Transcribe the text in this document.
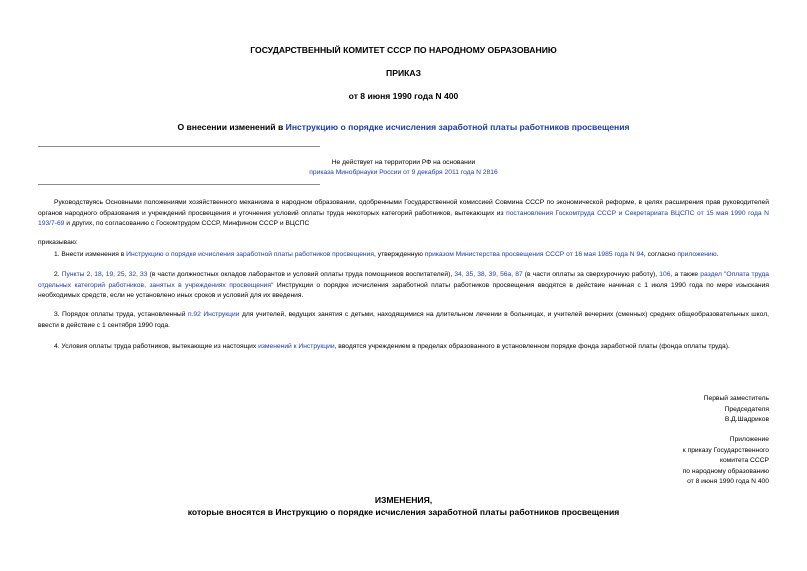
ГОСУДАРСТВЕННЫЙ КОМИТЕТ СССР ПО НАРОДНОМУ ОБРАЗОВАНИЮ
ПРИКАЗ
от 8 июня 1990 года N 400
О внесении изменений в Инструкцию о порядке исчисления заработной платы работников просвещения
Не действует на территории РФ на основании
приказа Минобрнауки России от 9 декабря 2011 года N 2816
Руководствуясь Основными положениями хозяйственного механизма в народном образовании, одобренными Государственной комиссией Совмина СССР по экономической реформе, в целях расширения прав руководителей органов народного образования и учреждений просвещения и уточнения условий оплаты труда некоторых категорий работников, вытекающих из постановления Госкомтруда СССР и Секретариата ВЦСПС от 15 мая 1990 года N 193/7-69 и других, по согласованию с Госкомтрудом СССР, Минфином СССР и ВЦСПС
приказываю:
1. Внести изменения в Инструкцию о порядке исчисления заработной платы работников просвещения, утвержденную приказом Министерства просвещения СССР от 16 мая 1985 года N 94, согласно приложению.
2. Пункты 2, 18, 19, 25, 32, 33 (в части должностных окладов лаборантов и условий оплаты труда помощников воспитателей), 34, 35, 38, 39, 56а, 87 (в части оплаты за сверхурочную работу), 106, а также раздел "Оплата труда отдельных категорий работников, занятых в учреждениях просвещения" Инструкции о порядке исчисления заработной платы работников просвещения вводятся в действие начиная с 1 июля 1990 года по мере изыскания необходимых средств, если не установлено иных сроков и условий для их введения.
3. Порядок оплаты труда, установленный п.92 Инструкции для учителей, ведущих занятия с детьми, находящимися на длительном лечении в больницах, и учителей вечерних (сменных) средних общеобразовательных школ, ввести в действие с 1 сентября 1990 года.
4. Условия оплаты труда работников, вытекающие из настоящих изменений к Инструкции, вводятся учреждением в пределах образованного в установленном порядке фонда заработной платы (фонда оплаты труда).
Первый заместитель
Председателя
В.Д.Шадриков
Приложение
к приказу Государственного
комитета СССР
по народному образованию
от 8 июня 1990 года N 400
ИЗМЕНЕНИЯ,
которые вносятся в Инструкцию о порядке исчисления заработной платы работников просвещения
